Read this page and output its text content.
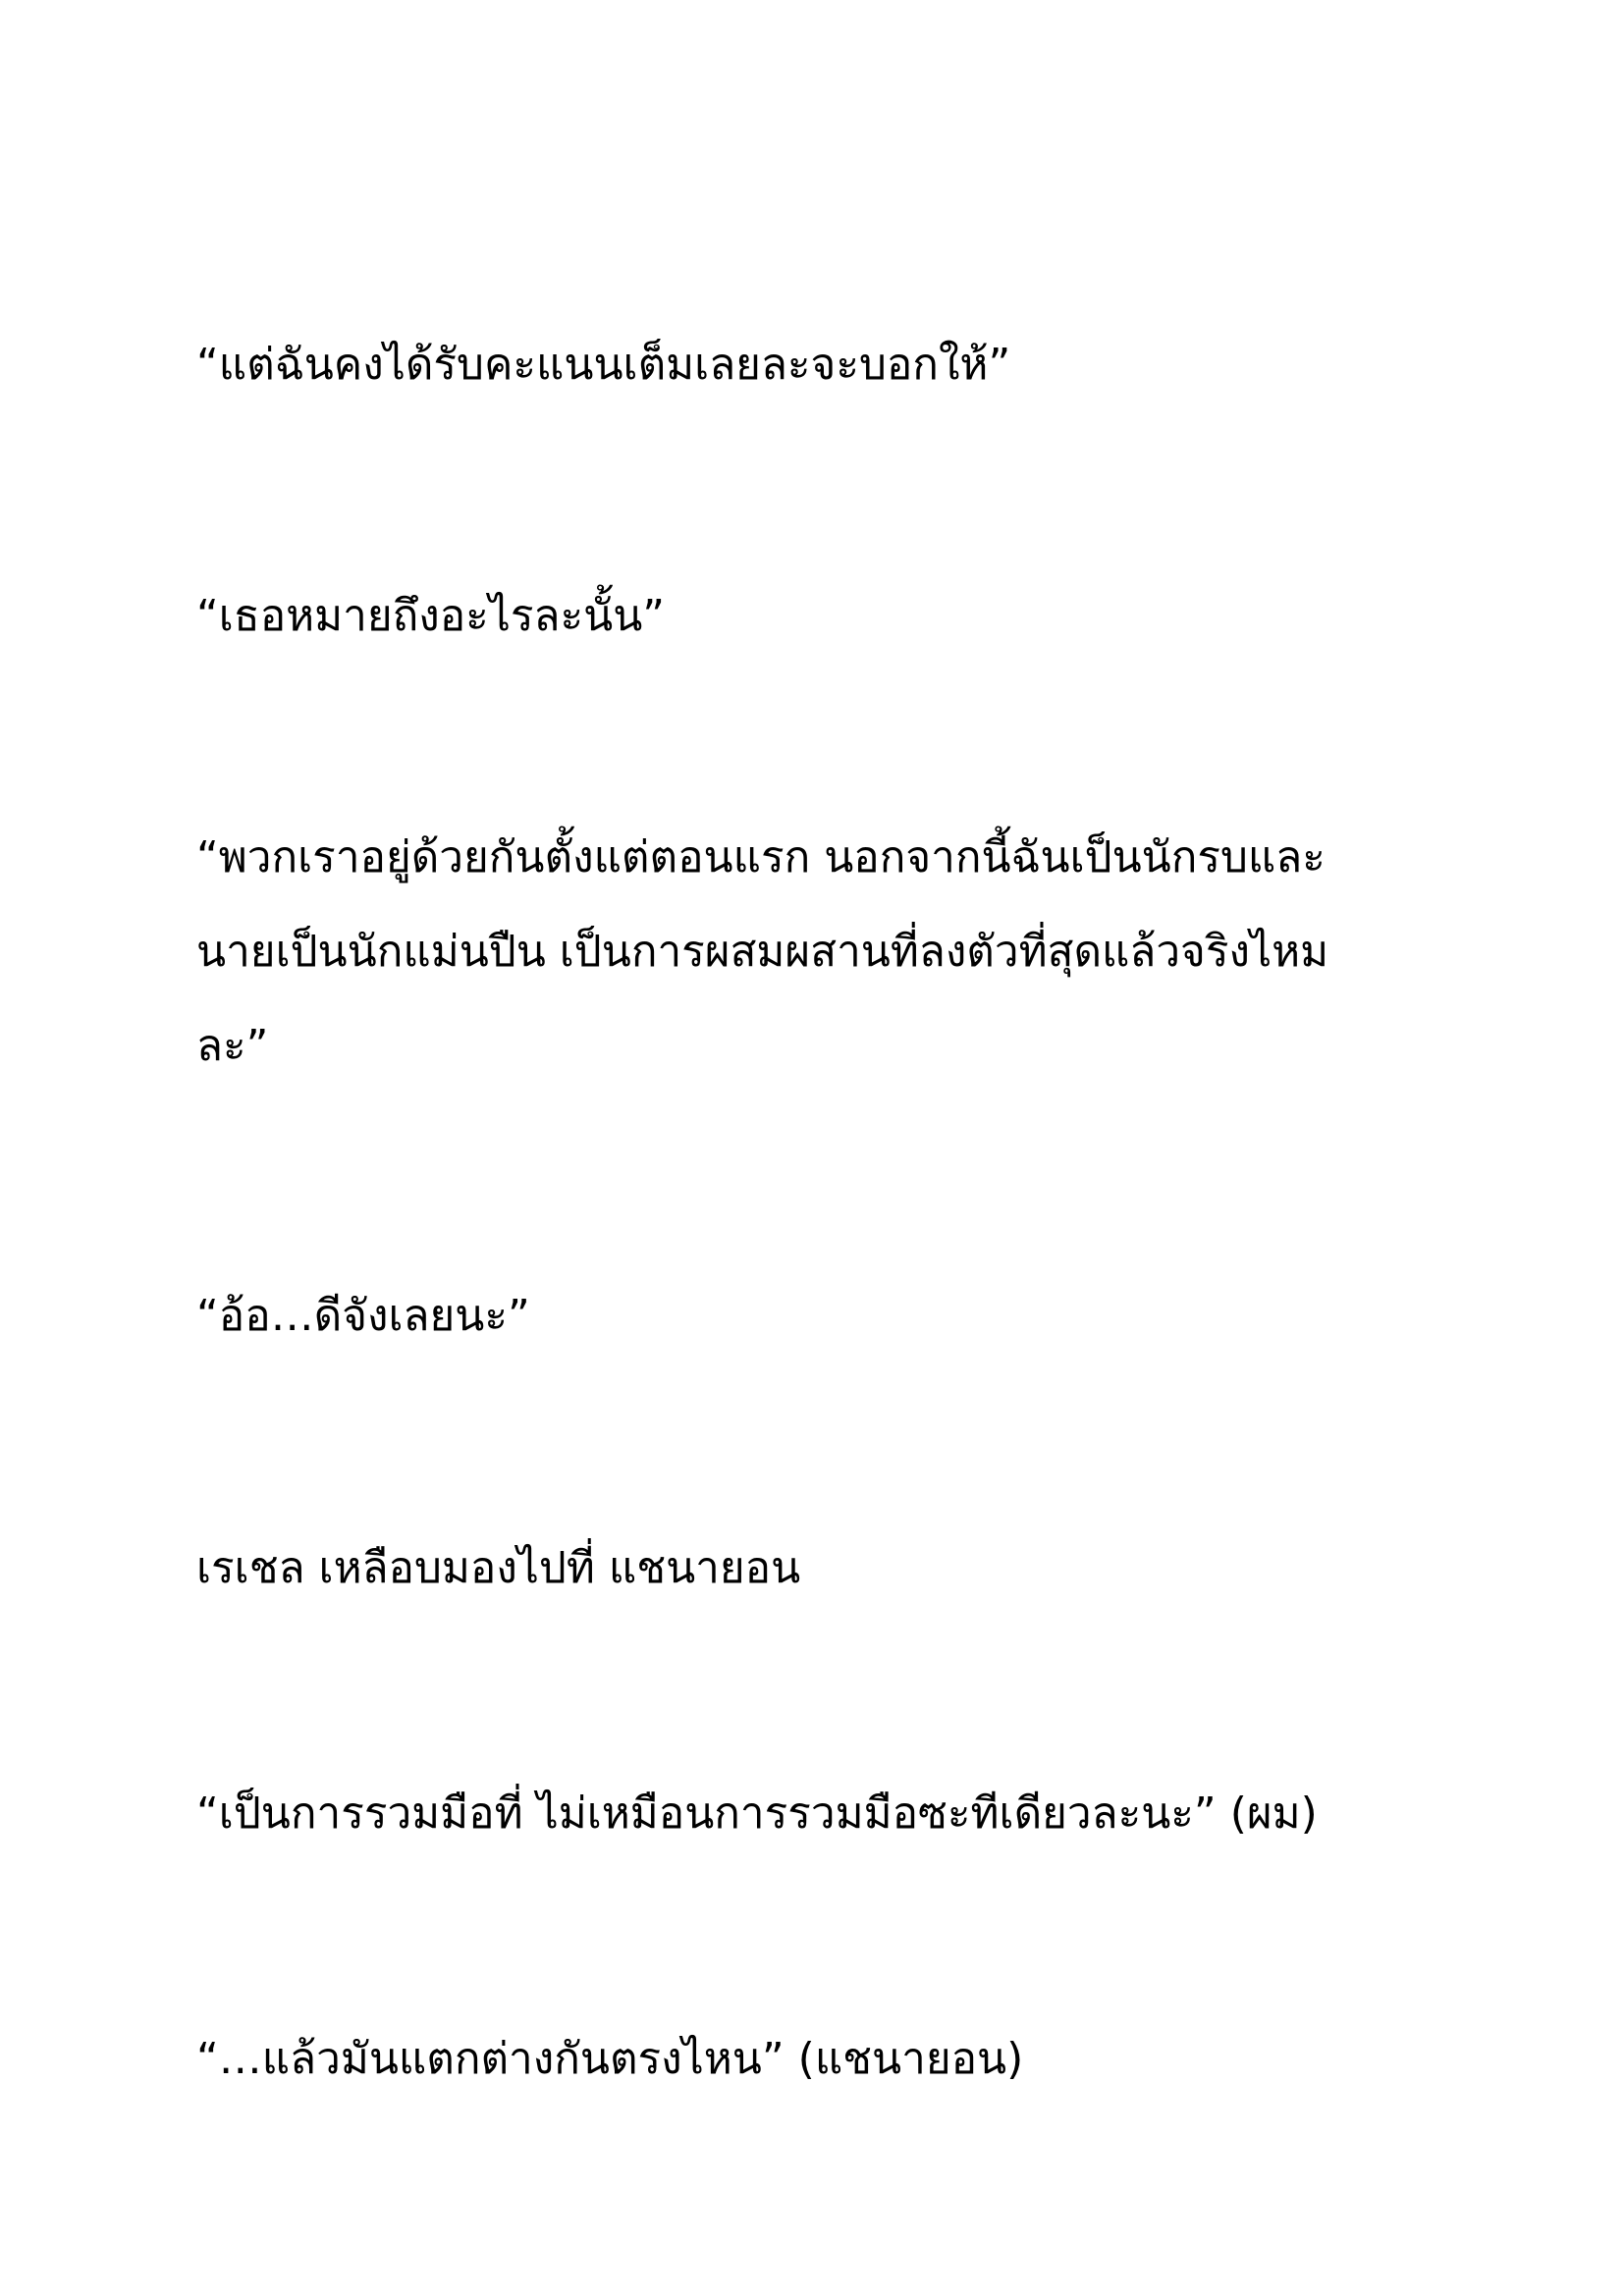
“แต่ฉันคงได้รับคะแนนเต็มเลยละจะบอกให้”

“เธอหมายถึงอะไรละนั้น”

“พวกเราอยู่ด้วยกันตั้งแต่ตอนแรก นอกจากนี้ฉันเป็นนักรบและ
นายเป็นนักแม่นปืน เป็นการผสมผสานที่ลงตัวที่สุดแล้วจริงไหม
ละ”

“อ้อ…ดีจังเลยนะ”

เรเชล เหลือบมองไปที่ แชนายอน

“เป็นการรวมมือที่ ไม่เหมือนการรวมมือซะทีเดียวละนะ” (ผม)

“…แล้วมันแตกต่างกันตรงไหน” (แชนายอน)
